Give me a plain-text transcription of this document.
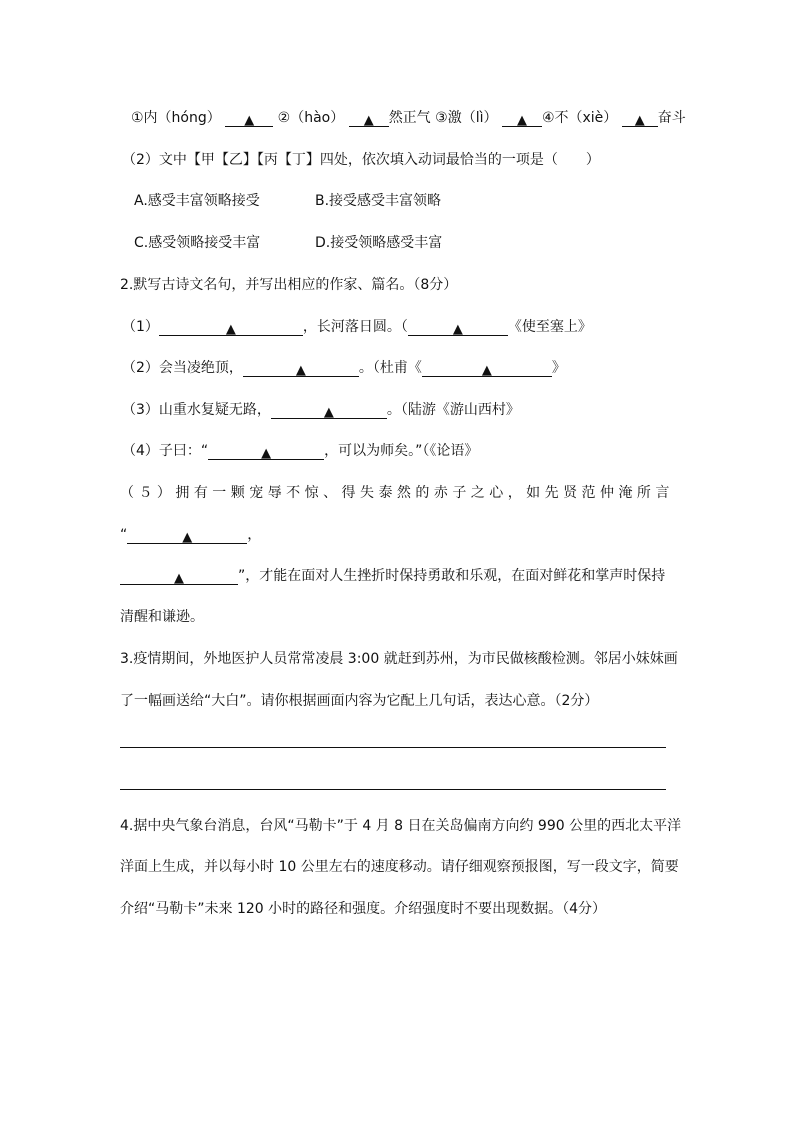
①内（hóng） ▲ ②（hào） ▲ 然正气 ③激（lì） ▲ ④不（xiè） ▲ 奋斗
（2）文中【甲【乙】【丙【丁】四处，依次填入动词最恰当的一项是（　　）
A.感受丰富领略接受	B.接受感受丰富领略
C.感受领略接受丰富	D.接受领略感受丰富
2.默写古诗文名句，并写出相应的作家、篇名。（8分）
（1）	▲	，长河落日圆。（	▲	《使至塞上》
（2）会当凌绝顶，	▲	。（杜甫《	▲	》
（3）山重水复疑无路，	▲	。（陆游《游山西村》
（4）子曰：“	▲	，可以为师矣。”（《论语》
（５）拥有一颗宠辱不惊、得失泰然的赤子之心，如先贤范仲淹所言
“	▲	，
▲	”，才能在面对人生挫折时保持勇敢和乐观，在面对鲜花和掌声时保持
清醒和谦逊。
3.疫情期间，外地医护人员常常凌晨 3:00 就赶到苏州，为市民做核酸检测。邻居小妹妹画
了一幅画送给“大白”。请你根据画面内容为它配上几句话，表达心意。（2分）
4.据中央气象台消息，台风“马勒卡”于 4 月 8 日在关岛偏南方向约 990 公里的西北太平洋
洋面上生成，并以每小时 10 公里左右的速度移动。请仔细观察预报图，写一段文字，简要
介绍“马勒卡”未来 120 小时的路径和强度。介绍强度时不要出现数据。（4分）
